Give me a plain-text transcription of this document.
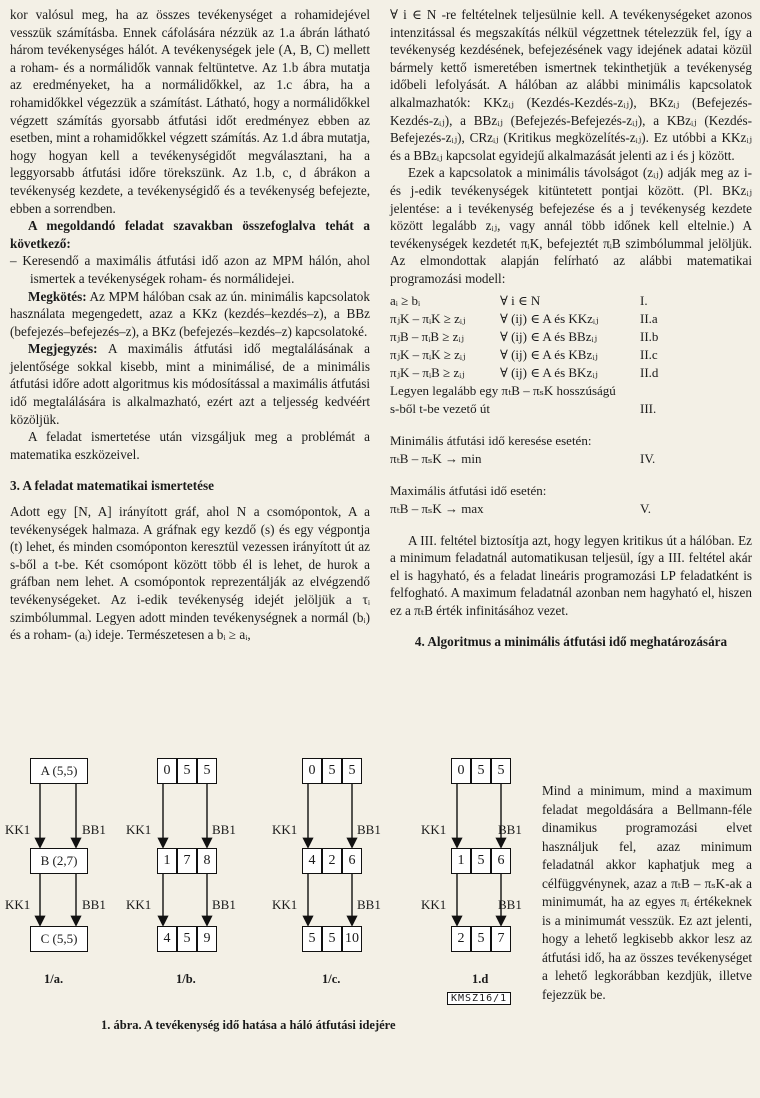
kor valósul meg, ha az összes tevékenységet a rohamidejével vesszük számításba. Ennek cáfolására nézzük az 1.a ábrán látható három tevékenységes hálót. A tevékenységek jele (A, B, C) mellett a roham- és a normálidők vannak feltüntetve. Az 1.b ábra mutatja az eredményeket, ha a normálidőkkel, az 1.c ábra, ha a rohamidőkkel végezzük a számítást. Látható, hogy a normálidőkkel végzett számítás gyorsabb átfutási időt eredményez ebben az esetben, mint a rohamidőkkel végzett számítás. Az 1.d ábra mutatja, hogy hogyan kell a tevékenységidőt megválasztani, ha a leggyorsabb átfutási időre törekszünk. Az 1.b, c, d ábrákon a tevékenység kezdete, a tevékenységidő és a tevékenység befejezte, ebben a sorrendben.

A megoldandó feladat szavakban összefoglalva tehát a következő:

– Keresendő a maximális átfutási idő azon az MPM hálón, ahol ismertek a tevékenységek roham- és normálidejei.

Megkötés: Az MPM hálóban csak az ún. minimális kapcsolatok használata megengedett, azaz a KKz (kezdés–kezdés–z), a BBz (befejezés–befejezés–z), a BKz (befejezés–kezdés–z) kapcsolatoké.

Megjegyzés: A maximális átfutási idő megtalálásának a jelentősége sokkal kisebb, mint a minimálisé, de a minimális átfutási időre adott algoritmus kis módosítással a maximális átfutási idő megtalálására is alkalmazható, ezért azt a teljesség kedvéért közöljük.

A feladat ismertetése után vizsgáljuk meg a problémát a matematika eszközeivel.

3. A feladat matematikai ismertetése

Adott egy [N, A] irányított gráf, ahol N a csomópontok, A a tevékenységek halmaza. A gráfnak egy kezdő (s) és egy végpontja (t) lehet, és minden csomóponton keresztül vezessen irányított út az s-ből a t-be. Két csomópont között több él is lehet, de hurok a gráfban nem lehet. A csomópontok reprezentálják az elvégzendő tevékenységeket. Az i-edik tevékenység idejét jelöljük a τᵢ szimbólummal. Legyen adott minden tevékenységnek a normál (bᵢ) és a roham- (aᵢ) ideje. Természetesen a bᵢ ≥ aᵢ,

∀ i ∈ N -re feltételnek teljesülnie kell. A tevékenységeket azonos intenzitással és megszakítás nélkül végzettnek tételezzük fel, így a tevékenység kezdésének, befejezésének vagy idejének adatai közül bármely kettő ismeretében ismertnek tekinthetjük a tevékenység időbeli lefolyását. A hálóban az alábbi minimális kapcsolatok alkalmazhatók: KKzᵢⱼ (Kezdés-Kezdés-zᵢⱼ), BKzᵢⱼ (Befejezés-Kezdés-zᵢⱼ), a BBzᵢⱼ (Befejezés-Befejezés-zᵢⱼ), a KBzᵢⱼ (Kezdés-Befejezés-zᵢⱼ), CRzᵢⱼ (Kritikus megközelítés-zᵢⱼ). Ez utóbbi a KKzᵢⱼ és a BBzᵢⱼ kapcsolat egyidejű alkalmazását jelenti az i és j között.

Ezek a kapcsolatok a minimális távolságot (zᵢⱼ) adják meg az i- és j-edik tevékenységek kitüntetett pontjai között. (Pl. BKzᵢⱼ jelentése: a i tevékenység befejezése és a j tevékenység kezdete között legalább zᵢⱼ, vagy annál több időnek kell eltelnie.) A tevékenységek kezdetét πᵢK, befejeztét πᵢB szimbólummal jelöljük. Az elmondottak alapján felírható az alábbi matematikai programozási modell:

aᵢ ≥ bᵢ	∀ i ∈ N	I.
πⱼK – πᵢK ≥ zᵢⱼ	∀ (ij) ∈ A és KKzᵢⱼ	II.a
πⱼB – πᵢB ≥ zᵢⱼ	∀ (ij) ∈ A és BBzᵢⱼ	II.b
πⱼK – πᵢK ≥ zᵢⱼ	∀ (ij) ∈ A és KBzᵢⱼ	II.c
πⱼK – πᵢB ≥ zᵢⱼ	∀ (ij) ∈ A és BKzᵢⱼ	II.d
Legyen legalább egy πₜB – πₛK hosszúságú
s-ből t-be vezető út	III.
Minimális átfutási idő keresése esetén:
πₜB – πₛK → min	IV.
Maximális átfutási idő esetén:
πₜB – πₛK → max	V.

A III. feltétel biztosítja azt, hogy legyen kritikus út a hálóban. Ez a minimum feladatnál automatikusan teljesül, így a III. feltétel akár el is hagyható, és a feladat lineáris programozási LP feladatként is felfogható. A maximum feladatnál azonban nem hagyható el, hiszen ez a πₜB érték infinitásához vezet.

4. Algoritmus a minimális átfutási idő meghatározására

Mind a minimum, mind a maximum feladat megoldására a Bellmann-féle dinamikus programozási elvet használjuk fel, azaz minimum feladatnál akkor kaphatjuk meg a célfüggvénynek, azaz a πₜB – πₛK-ak a minimumát, ha az egyes πᵢ értékeknek is a minimumát vesszük. Ez azt jelenti, hogy a lehető legkisebb akkor lesz az átfutási idő, ha az összes tevékenységet a lehető legkorábban kezdjük, illetve fejezzük be.
A (5,5)
B (2,7)
C (5,5)
KK1	BB1
KK1	BB1
0 5 5
1 7 8
4 5 9
KK1	BB1
KK1	BB1
0 5 5
4 2 6
5 5 10
KK1	BB1
KK1	BB1
0 5 5
1 5 6
2 5 7
KK1	BB1
KK1	BB1
1/a.	1/b.	1/c.	1.d
KMSZ16/1
1. ábra. A tevékenység idő hatása a háló átfutási idejére
